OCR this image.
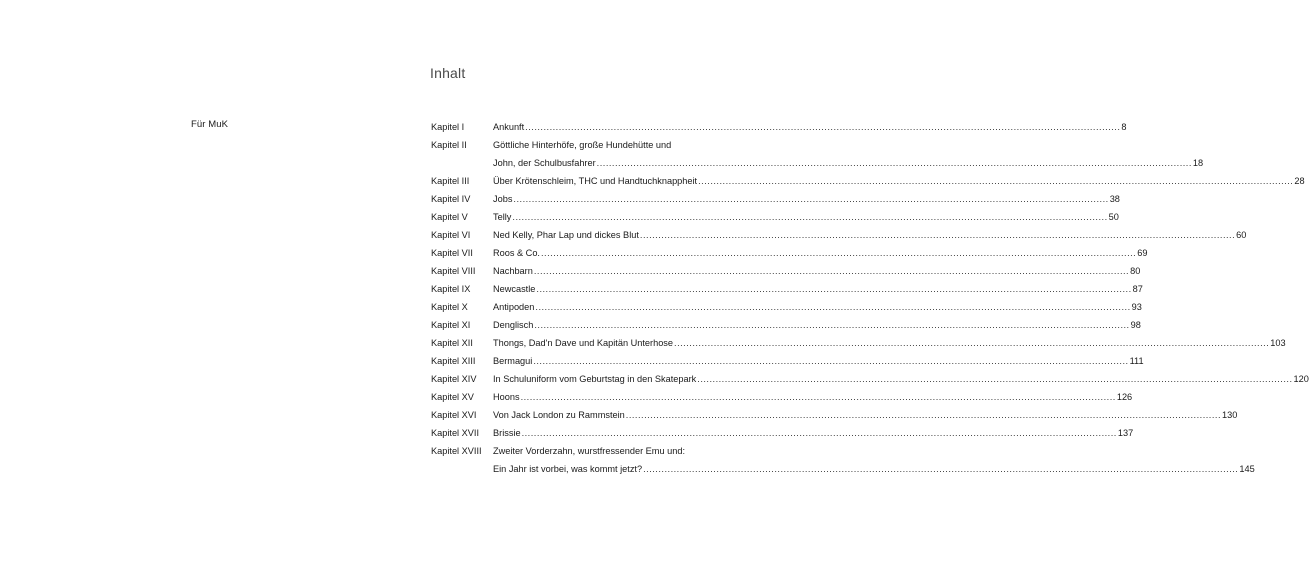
Für MuK
Inhalt
Kapitel I	Ankunft .....	8
Kapitel II	Göttliche Hinterhöfe, große Hundehütte und
John, der Schulbusfahrer .....	18
Kapitel III	Über Krötenschleim, THC und Handtuchknappheit .....	28
Kapitel IV	Jobs .....	38
Kapitel V	Telly .....	50
Kapitel VI	Ned Kelly, Phar Lap und dickes Blut .....	60
Kapitel VII	Roos & Co. .....	69
Kapitel VIII	Nachbarn .....	80
Kapitel IX	Newcastle .....	87
Kapitel X	Antipoden .....	93
Kapitel XI	Denglisch .....	98
Kapitel XII	Thongs, Dad'n Dave und Kapitän Unterhose .....	103
Kapitel XIII	Bermagui .....	111
Kapitel XIV	In Schuluniform vom Geburtstag in den Skatepark .....	120
Kapitel XV	Hoons .....	126
Kapitel XVI	Von Jack London zu Rammstein .....	130
Kapitel XVII	Brissie .....	137
Kapitel XVIII	Zweiter Vorderzahn, wurstfressender Emu und:
Ein Jahr ist vorbei, was kommt jetzt? .....	145
